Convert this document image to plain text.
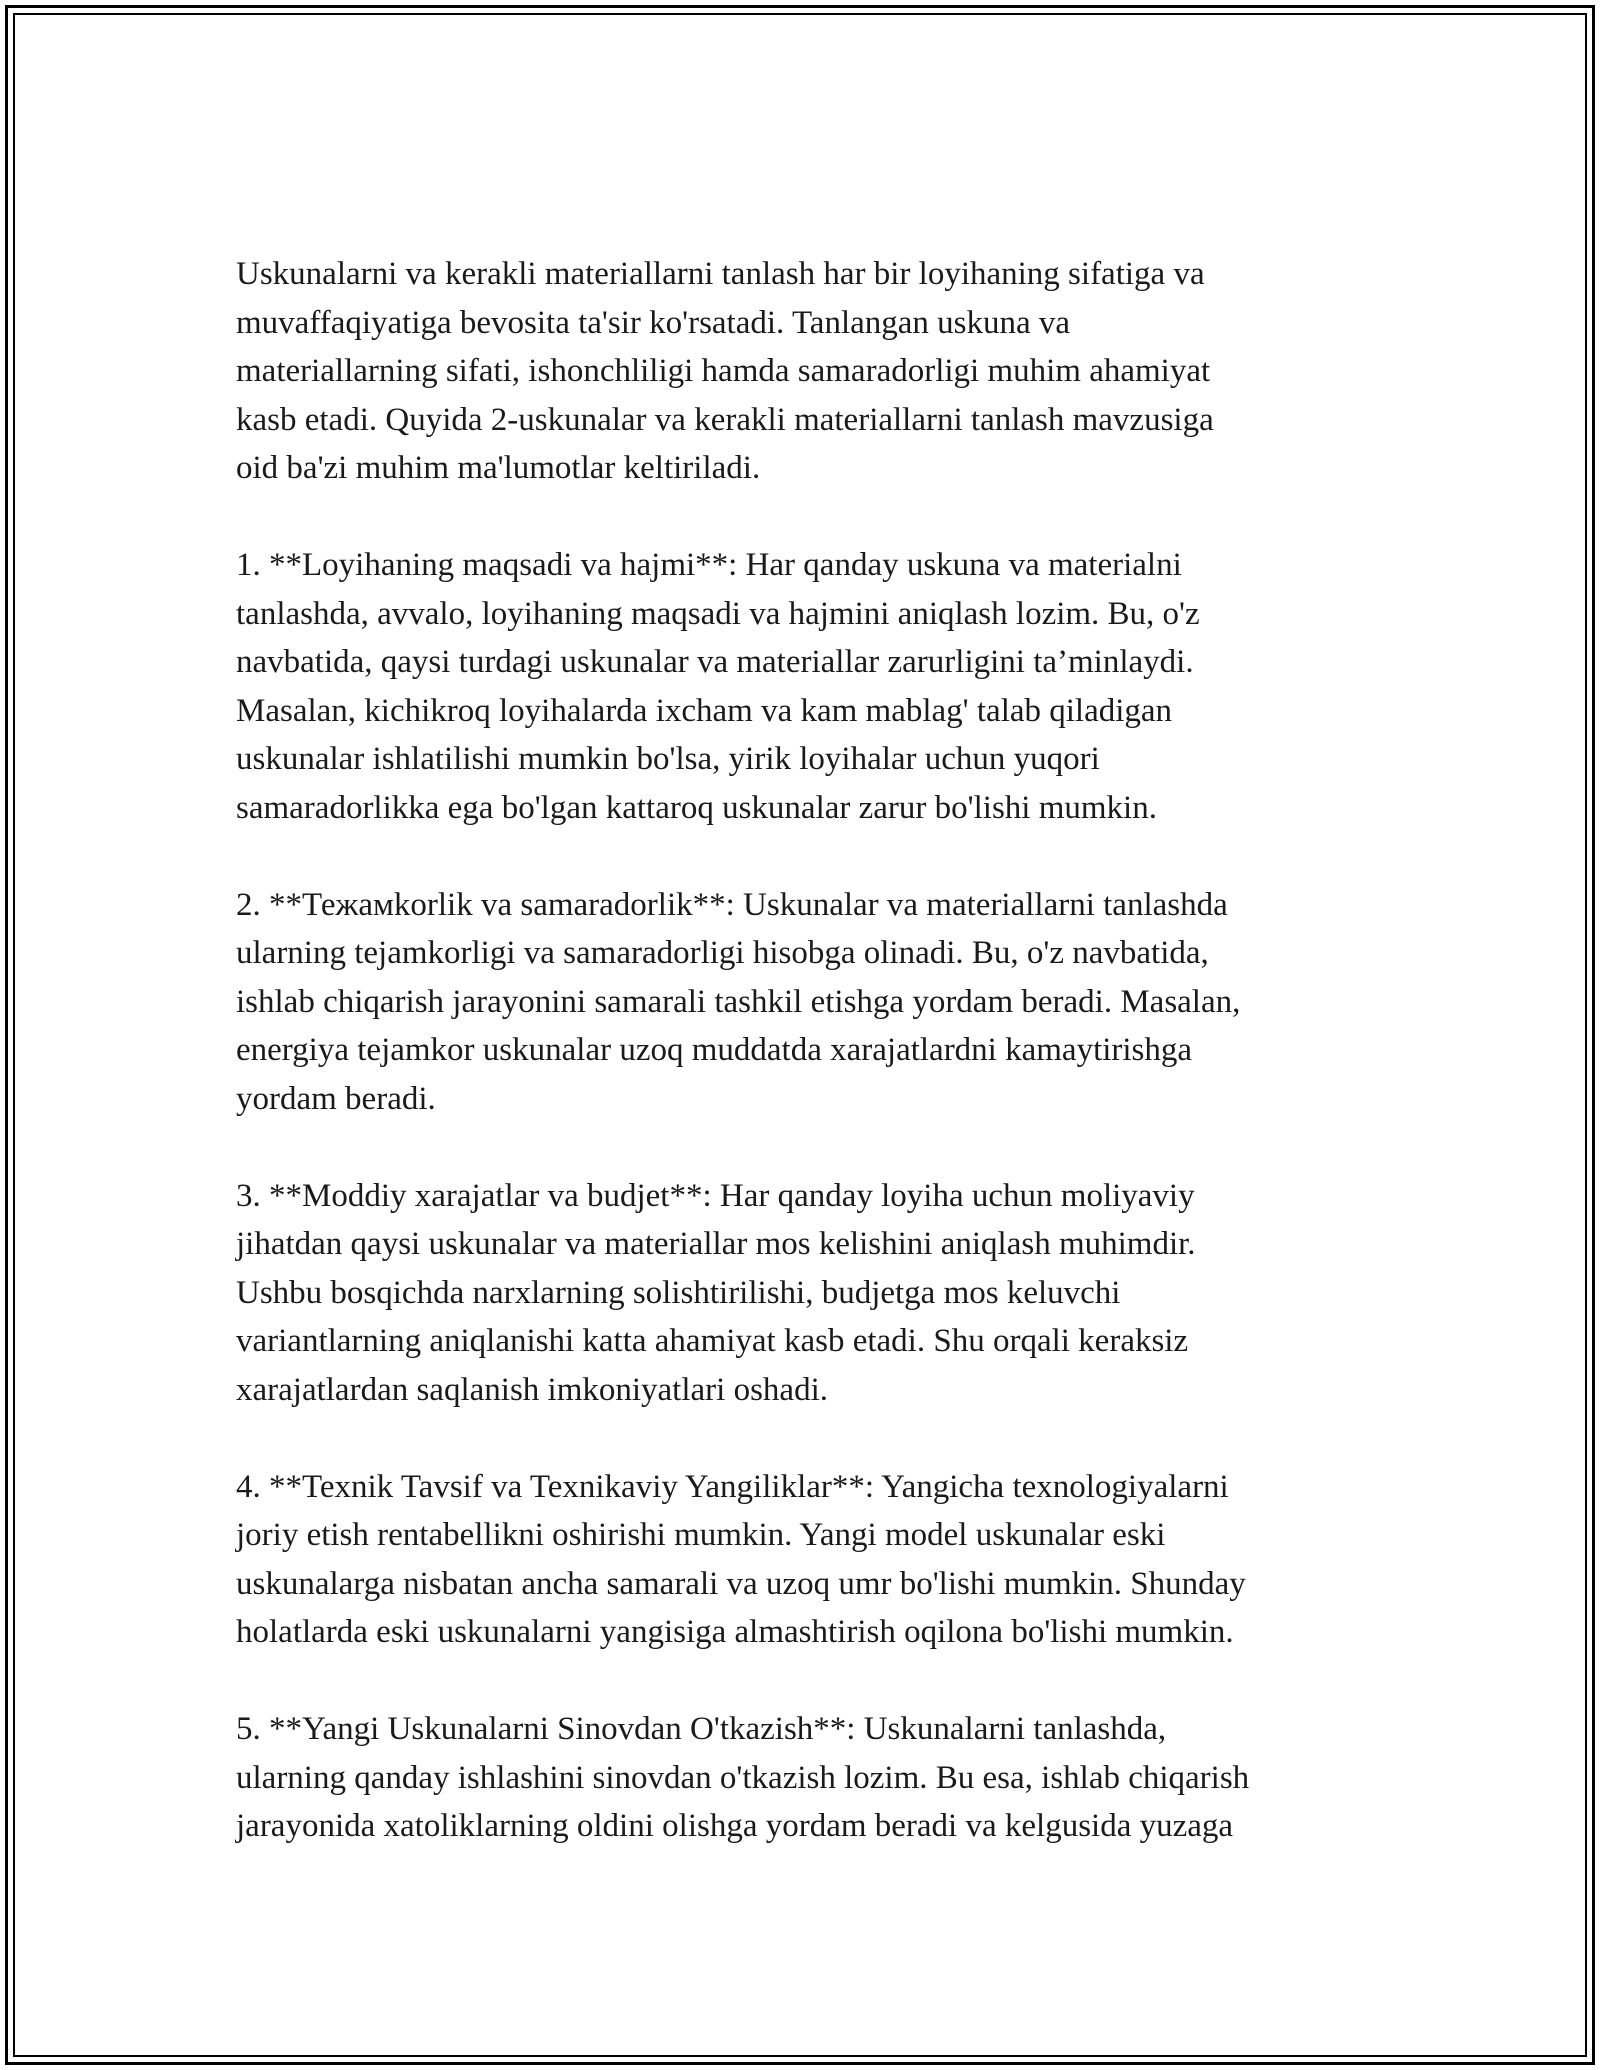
Uskunalarni va kerakli materiallarni tanlash har bir loyihaning sifatiga va
muvaffaqiyatiga bevosita ta'sir ko'rsatadi. Tanlangan uskuna va
materiallarning sifati, ishonchliligi hamda samaradorligi muhim ahamiyat
kasb etadi. Quyida 2-uskunalar va kerakli materiallarni tanlash mavzusiga
oid ba'zi muhim ma'lumotlar keltiriladi.

1. **Loyihaning maqsadi va hajmi**: Har qanday uskuna va materialni
tanlashda, avvalo, loyihaning maqsadi va hajmini aniqlash lozim. Bu, o'z
navbatida, qaysi turdagi uskunalar va materiallar zarurligini ta’minlaydi.
Masalan, kichikroq loyihalarda ixcham va kam mablag' talab qiladigan
uskunalar ishlatilishi mumkin bo'lsa, yirik loyihalar uchun yuqori
samaradorlikka ega bo'lgan kattaroq uskunalar zarur bo'lishi mumkin.

2. **Тежамkorlik va samaradorlik**: Uskunalar va materiallarni tanlashda
ularning tejamkorligi va samaradorligi hisobga olinadi. Bu, o'z navbatida,
ishlab chiqarish jarayonini samarali tashkil etishga yordam beradi. Masalan,
energiya tejamkor uskunalar uzoq muddatda xarajatlardni kamaytirishga
yordam beradi.

3. **Moddiy xarajatlar va budjet**: Har qanday loyiha uchun moliyaviy
jihatdan qaysi uskunalar va materiallar mos kelishini aniqlash muhimdir.
Ushbu bosqichda narxlarning solishtirilishi, budjetga mos keluvchi
variantlarning aniqlanishi katta ahamiyat kasb etadi. Shu orqali keraksiz
xarajatlardan saqlanish imkoniyatlari oshadi.

4. **Texnik Tavsif va Texnikaviy Yangiliklar**: Yangicha texnologiyalarni
joriy etish rentabellikni oshirishi mumkin. Yangi model uskunalar eski
uskunalarga nisbatan ancha samarali va uzoq umr bo'lishi mumkin. Shunday
holatlarda eski uskunalarni yangisiga almashtirish oqilona bo'lishi mumkin.

5. **Yangi Uskunalarni Sinovdan O'tkazish**: Uskunalarni tanlashda,
ularning qanday ishlashini sinovdan o'tkazish lozim. Bu esa, ishlab chiqarish
jarayonida xatoliklarning oldini olishga yordam beradi va kelgusida yuzaga
